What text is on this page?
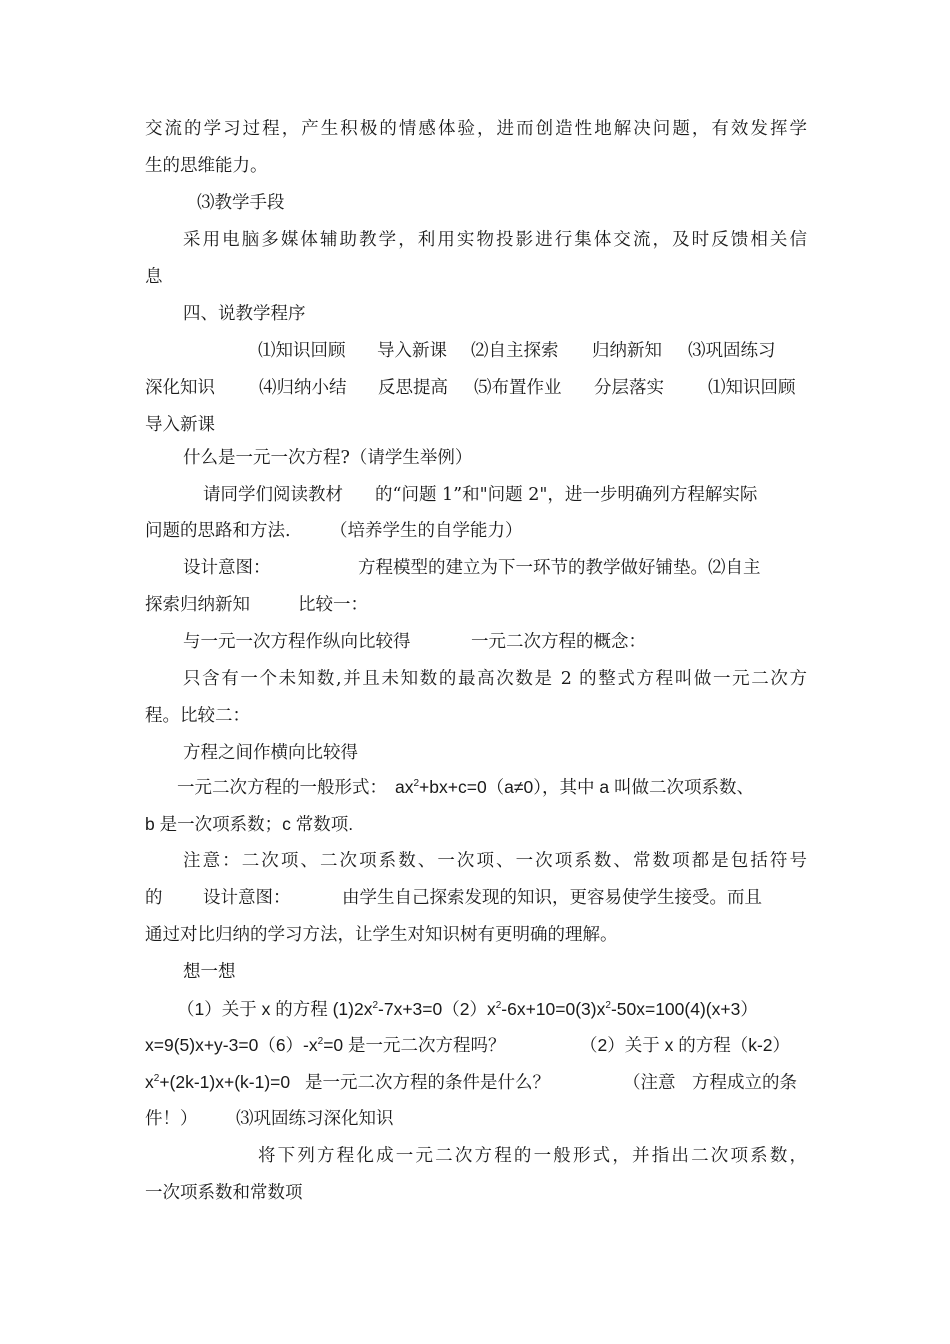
交流的学习过程，产生积极的情感体验，进而创造性地解决问题，有效发挥学
生的思维能力。
⑶教学手段
采用电脑多媒体辅助教学，利用实物投影进行集体交流，及时反馈相关信
息
四、说教学程序
⑴知识回顾 导入新课 ⑵自主探索 归纳新知 ⑶巩固练习
深化知识	⑷归纳小结 反思提高 ⑸布置作业 分层落实	⑴知识回顾
导入新课
什么是一元一次方程?（请学生举例）
请同学们阅读教材 的“问题 1”和"问题 2"，进一步明确列方程解实际
问题的思路和方法. （培养学生的自学能力）
设计意图：	方程模型的建立为下一环节的教学做好铺垫。⑵自主
探索归纳新知	比较一：
与一元一次方程作纵向比较得	一元二次方程的概念：
只含有一个未知数,并且未知数的最高次数是 2 的整式方程叫做一元二次方
程。比较二：
方程之间作横向比较得
一元二次方程的一般形式： $ax^2+bx+c=0(a\ne 0)$，其中 a 叫做二次项系数、
b 是一次项系数；c 常数项.
注意：二次项、二次项系数、一次项、一次项系数、常数项都是包括符号
的 设计意图：	由学生自己探索发现的知识，更容易使学生接受。而且
通过对比归纳的学习方法，让学生对知识树有更明确的理解。
想一想
（1）关于 x 的方程 $(1)2x^2-7x+3=0(2)x^2-6x+10=0(3)x^2-50x=100(4)(x+3)$
$x=9(5)x+y-3=0(6)-x^2=0$ 是一元二次方程吗？	（2）关于 x 的方程（k-2）
$x^2+(2k-1)x+(k-1)=0$ 是一元二次方程的条件是什么？	（注意 方程成立的条
件！） ⑶巩固练习深化知识
将下列方程化成一元二次方程的一般形式，并指出二次项系数，
一次项系数和常数项
